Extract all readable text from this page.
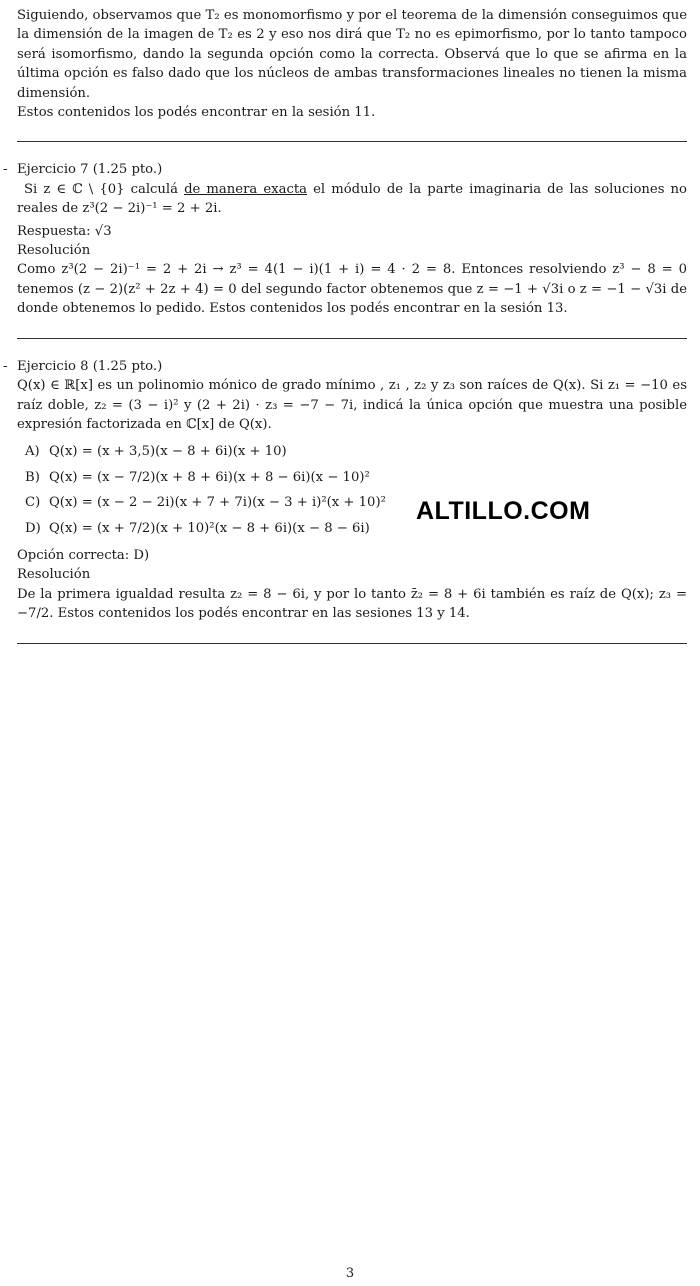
Siguiendo, observamos que T₂ es monomorfismo y por el teorema de la dimensión conseguimos que la dimensión de la imagen de T₂ es 2 y eso nos dirá que T₂ no es epimorfismo, por lo tanto tampoco será isomorfismo, dando la segunda opción como la correcta. Observá que lo que se afirma en la última opción es falso dado que los núcleos de ambas transformaciones lineales no tienen la misma dimensión.

Estos contenidos los podés encontrar en la sesión 11.

- Ejercicio 7 (1.25 pto.)

Si z ∈ ℂ \ {0} calculá de manera exacta el módulo de la parte imaginaria de las soluciones no reales de z³(2 − 2i)⁻¹ = 2 + 2i.

Respuesta: √3

Resolución

Como z³(2 − 2i)⁻¹ = 2 + 2i → z³ = 4(1 − i)(1 + i) = 4 · 2 = 8. Entonces resolviendo z³ − 8 = 0 tenemos (z − 2)(z² + 2z + 4) = 0 del segundo factor obtenemos que z = −1 + √3i o z = −1 − √3i de donde obtenemos lo pedido. Estos contenidos los podés encontrar en la sesión 13.

- Ejercicio 8 (1.25 pto.)

Q(x) ∈ ℝ[x] es un polinomio mónico de grado mínimo , z₁ , z₂ y z₃ son raíces de Q(x). Si z₁ = −10 es raíz doble, z₂ = (3 − i)² y (2 + 2i) · z₃ = −7 − 7i, indicá la única opción que muestra una posible expresión factorizada en ℂ[x] de Q(x).

A) Q(x) = (x + 3,5)(x − 8 + 6i)(x + 10)

B) Q(x) = (x − 7/2)(x + 8 + 6i)(x + 8 − 6i)(x − 10)²

C) Q(x) = (x − 2 − 2i)(x + 7 + 7i)(x − 3 + i)²(x + 10)²

D) Q(x) = (x + 7/2)(x + 10)²(x − 8 + 6i)(x − 8 − 6i)

Opción correcta: D)

Resolución

De la primera igualdad resulta z₂ = 8 − 6i, y por lo tanto z̄₂ = 8 + 6i también es raíz de Q(x); z₃ = −7/2. Estos contenidos los podés encontrar en las sesiones 13 y 14.

ALTILLO.COM
3
